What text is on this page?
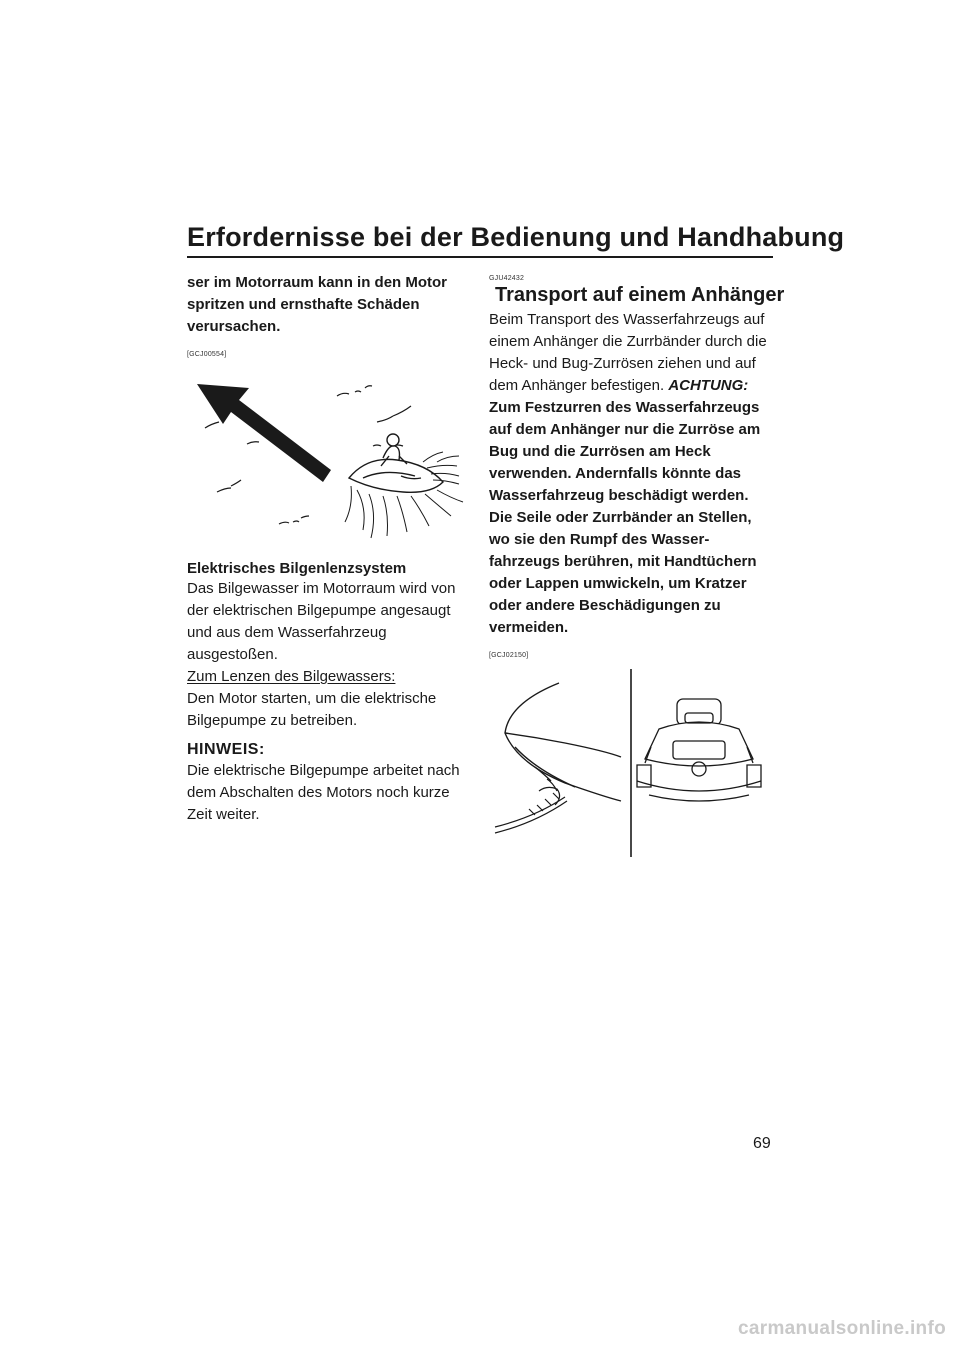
Erfordernisse bei der Bedienung und Handhabung

ser im Motorraum kann in den Motor spritzen und ernsthafte Schäden verursachen.

[GCJ00554]

Elektrisches Bilgenlenzsystem

Das Bilgewasser im Motorraum wird von der elektrischen Bilgepumpe angesaugt und aus dem Wasserfahrzeug ausgestoßen.

Zum Lenzen des Bilgewassers:

Den Motor starten, um die elektrische Bilgepumpe zu betreiben.

HINWEIS:

Die elektrische Bilgepumpe arbeitet nach dem Abschalten des Motors noch kurze Zeit weiter.

GJU42432

Transport auf einem Anhänger

Beim Transport des Wasserfahrzeugs auf einem Anhänger die Zurrbänder durch die Heck- und Bug-Zurrösen ziehen und auf dem Anhänger befestigen. ACHTUNG: Zum Festzurren des Wasserfahrzeugs auf dem Anhänger nur die Zurröse am Bug und die Zurrösen am Heck verwenden. Andernfalls könnte das Wasserfahrzeug beschädigt werden. Die Seile oder Zurrbänder an Stellen, wo sie den Rumpf des Wasserfahrzeugs berühren, mit Handtüchern oder Lappen umwickeln, um Kratzer oder andere Beschädigungen zu vermeiden.

[GCJ02150]

69
carmanualsonline.info
